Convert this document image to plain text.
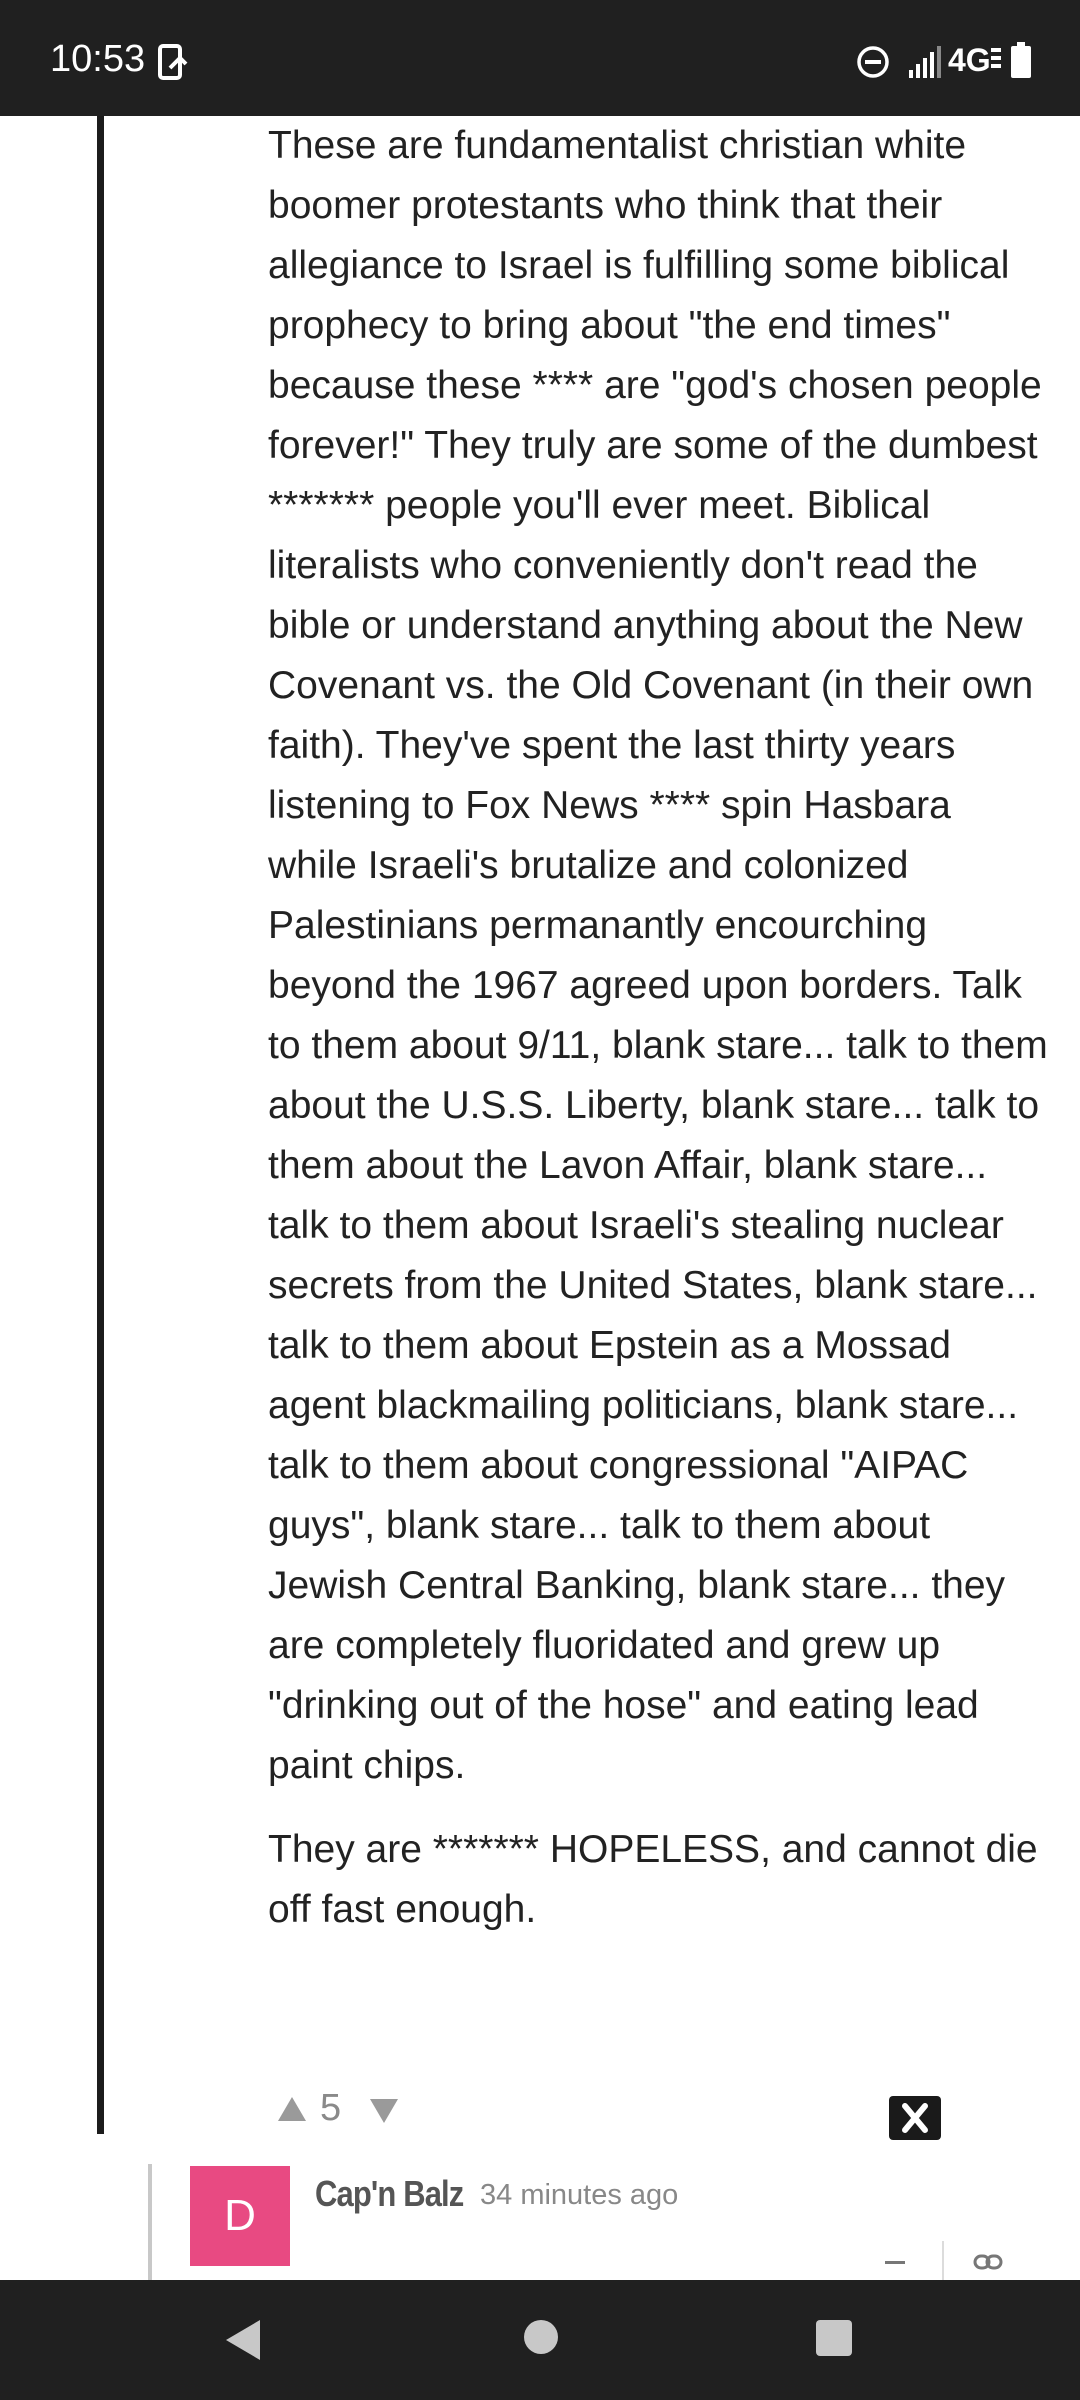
10:53	4G

These are fundamentalist christian white boomer protestants who think that their allegiance to Israel is fulfilling some biblical prophecy to bring about "the end times" because these **** are "god's chosen people forever!" They truly are some of the dumbest ******* people you'll ever meet. Biblical literalists who conveniently don't read the bible or understand anything about the New Covenant vs. the Old Covenant (in their own faith). They've spent the last thirty years listening to Fox News **** spin Hasbara while Israeli's brutalize and colonized Palestinians permanantly encourching beyond the 1967 agreed upon borders. Talk to them about 9/11, blank stare... talk to them about the U.S.S. Liberty, blank stare... talk to them about the Lavon Affair, blank stare... talk to them about Israeli's stealing nuclear secrets from the United States, blank stare... talk to them about Epstein as a Mossad agent blackmailing politicians, blank stare... talk to them about congressional "AIPAC guys", blank stare... talk to them about Jewish Central Banking, blank stare... they are completely fluoridated and grew up "drinking out of the hose" and eating lead paint chips.

They are ******* HOPELESS, and cannot die off fast enough.

5
D Cap'n Balz 34 minutes ago
